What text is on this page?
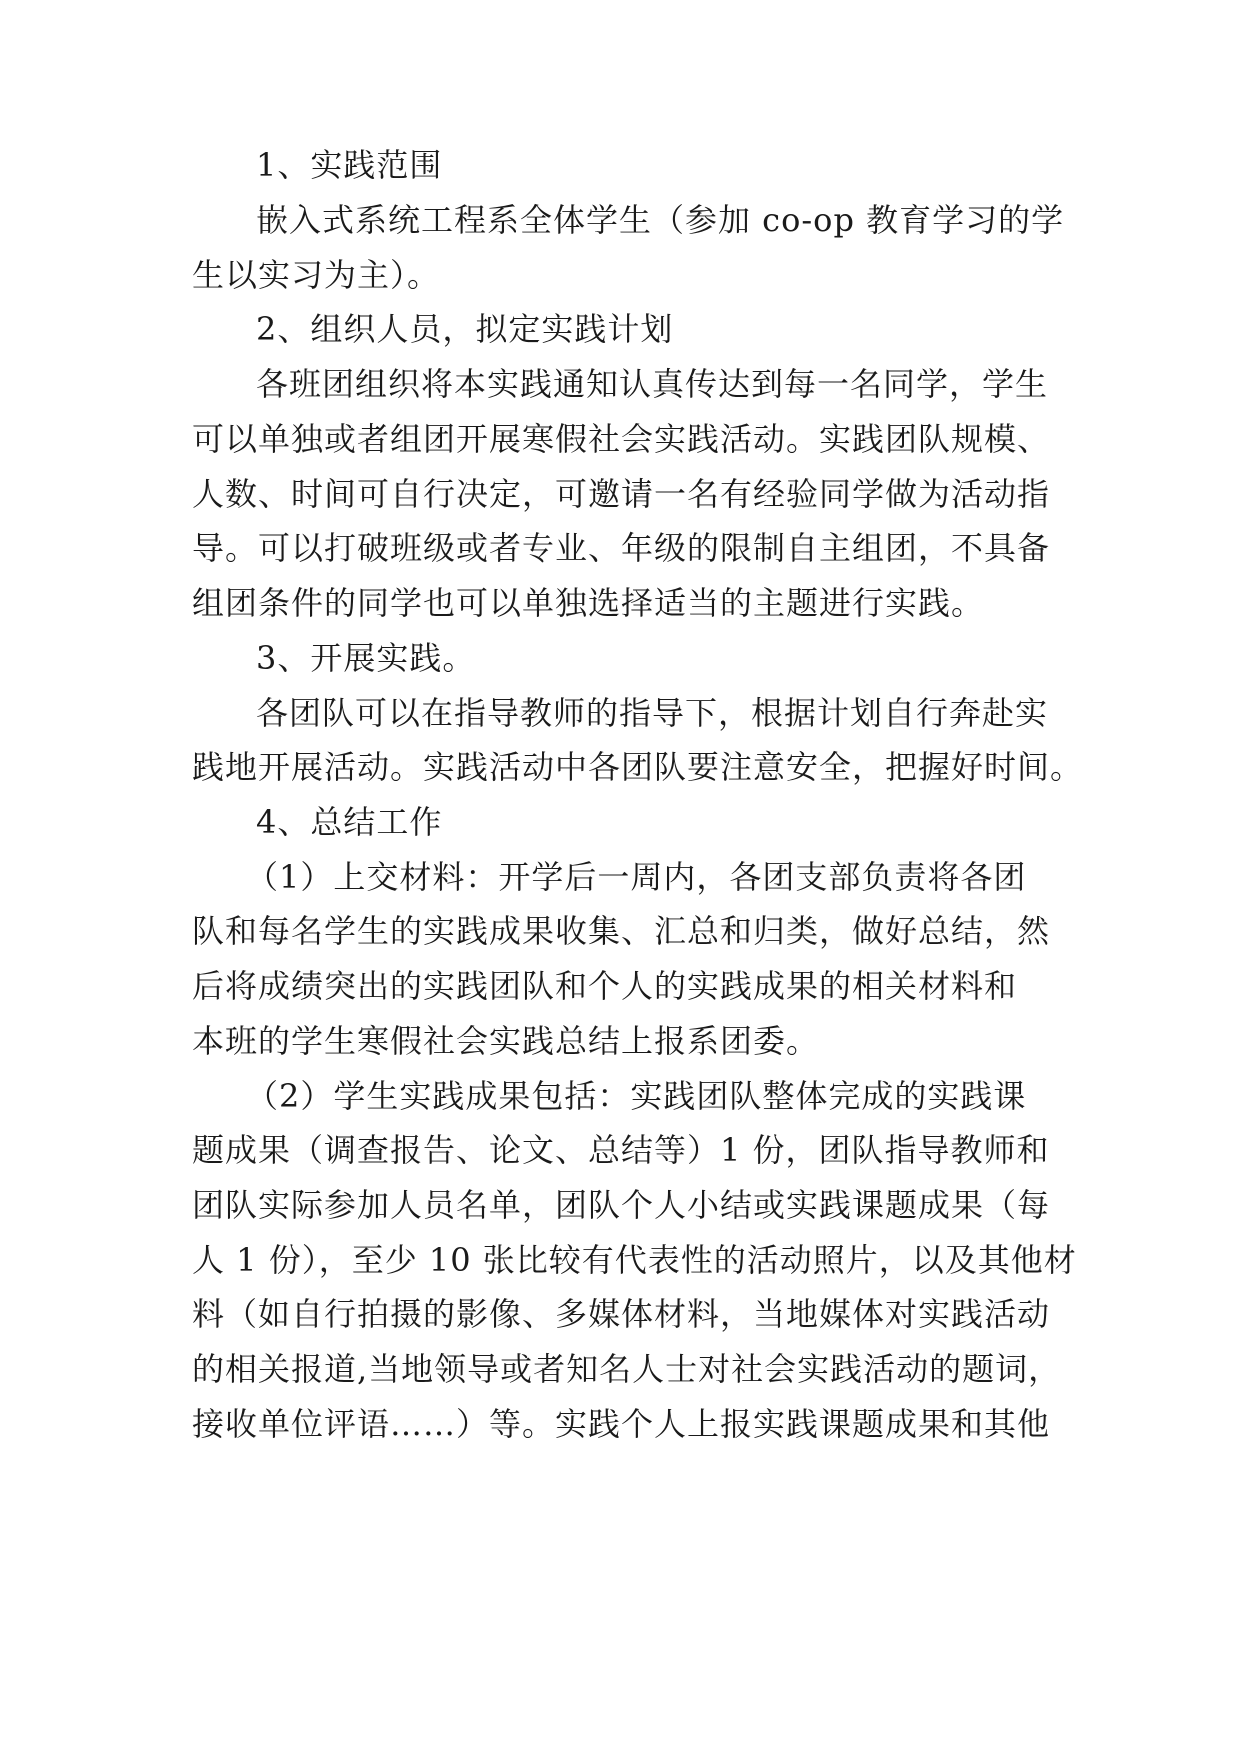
1、实践范围
嵌入式系统工程系全体学生（参加 co-op 教育学习的学
生以实习为主）。
2、组织人员，拟定实践计划
各班团组织将本实践通知认真传达到每一名同学，学生
可以单独或者组团开展寒假社会实践活动。实践团队规模、
人数、时间可自行决定，可邀请一名有经验同学做为活动指
导。可以打破班级或者专业、年级的限制自主组团，不具备
组团条件的同学也可以单独选择适当的主题进行实践。
3、开展实践。
各团队可以在指导教师的指导下，根据计划自行奔赴实
践地开展活动。实践活动中各团队要注意安全，把握好时间。
4、总结工作
（1）上交材料：开学后一周内，各团支部负责将各团
队和每名学生的实践成果收集、汇总和归类，做好总结，然
后将成绩突出的实践团队和个人的实践成果的相关材料和
本班的学生寒假社会实践总结上报系团委。
（2）学生实践成果包括：实践团队整体完成的实践课
题成果（调查报告、论文、总结等）1 份，团队指导教师和
团队实际参加人员名单，团队个人小结或实践课题成果（每
人 1 份），至少 10 张比较有代表性的活动照片，以及其他材
料（如自行拍摄的影像、多媒体材料，当地媒体对实践活动
的相关报道,当地领导或者知名人士对社会实践活动的题词，
接收单位评语……）等。实践个人上报实践课题成果和其他
